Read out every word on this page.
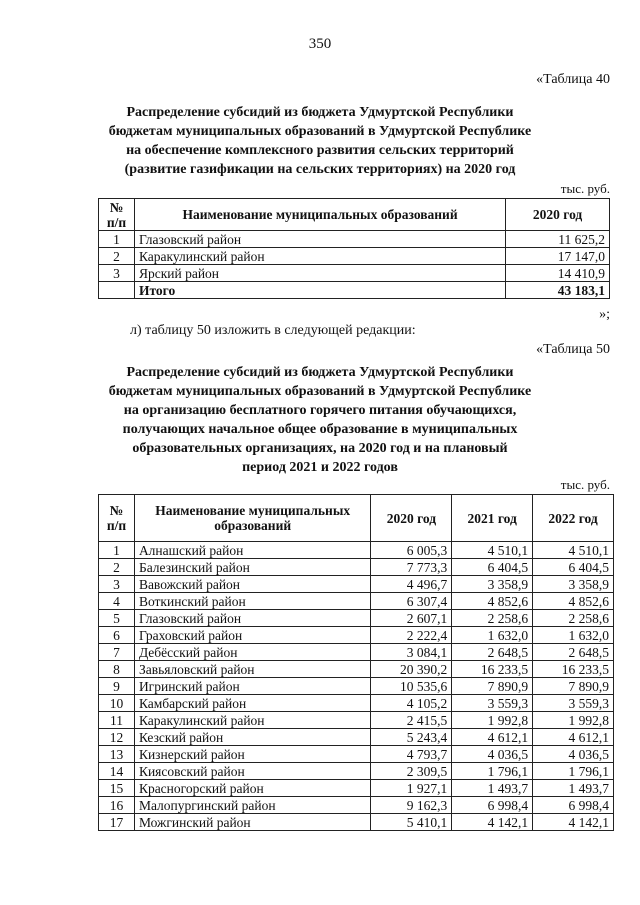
350
«Таблица 40
Распределение субсидий из бюджета Удмуртской Республики
бюджетам муниципальных образований в Удмуртской Республике
на обеспечение комплексного развития сельских территорий
(развитие газификации на сельских территориях) на 2020 год
тыс. руб.
№ п/п	Наименование муниципальных образований	2020 год
1	Глазовский район	11 625,2
2	Каракулинский район	17 147,0
3	Ярский район	14 410,9
	Итого	43 183,1
»;
л) таблицу 50 изложить в следующей редакции:
«Таблица 50
Распределение субсидий из бюджета Удмуртской Республики
бюджетам муниципальных образований в Удмуртской Республике
на организацию бесплатного горячего питания обучающихся,
получающих начальное общее образование в муниципальных
образовательных организациях, на 2020 год и на плановый
период 2021 и 2022 годов
тыс. руб.
№ п/п	Наименование муниципальных образований	2020 год	2021 год	2022 год
1	Алнашский район	6 005,3	4 510,1	4 510,1
2	Балезинский район	7 773,3	6 404,5	6 404,5
3	Вавожский район	4 496,7	3 358,9	3 358,9
4	Воткинский район	6 307,4	4 852,6	4 852,6
5	Глазовский район	2 607,1	2 258,6	2 258,6
6	Граховский район	2 222,4	1 632,0	1 632,0
7	Дебёсский район	3 084,1	2 648,5	2 648,5
8	Завьяловский район	20 390,2	16 233,5	16 233,5
9	Игринский район	10 535,6	7 890,9	7 890,9
10	Камбарский район	4 105,2	3 559,3	3 559,3
11	Каракулинский район	2 415,5	1 992,8	1 992,8
12	Кезский район	5 243,4	4 612,1	4 612,1
13	Кизнерский район	4 793,7	4 036,5	4 036,5
14	Киясовский район	2 309,5	1 796,1	1 796,1
15	Красногорский район	1 927,1	1 493,7	1 493,7
16	Малопургинский район	9 162,3	6 998,4	6 998,4
17	Можгинский район	5 410,1	4 142,1	4 142,1
